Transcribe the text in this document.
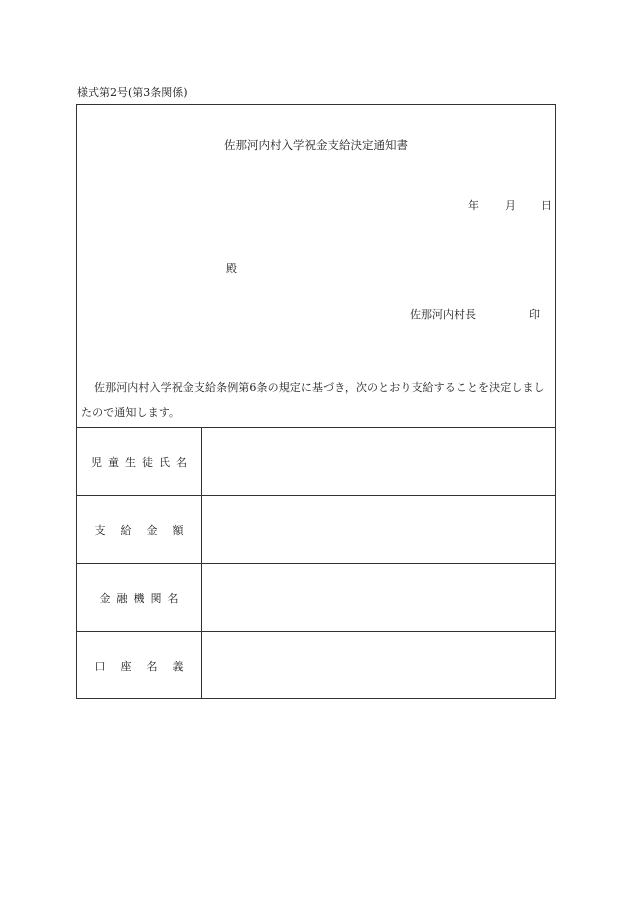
様式第2号(第3条関係)
佐那河内村入学祝金支給決定通知書
年 月 日
殿
佐那河内村長	印
佐那河内村入学祝金支給条例第6条の規定に基づき，次のとおり支給することを決定しましたので通知します。
児童生徒氏名
支給金額
金融機関名
口座名義
